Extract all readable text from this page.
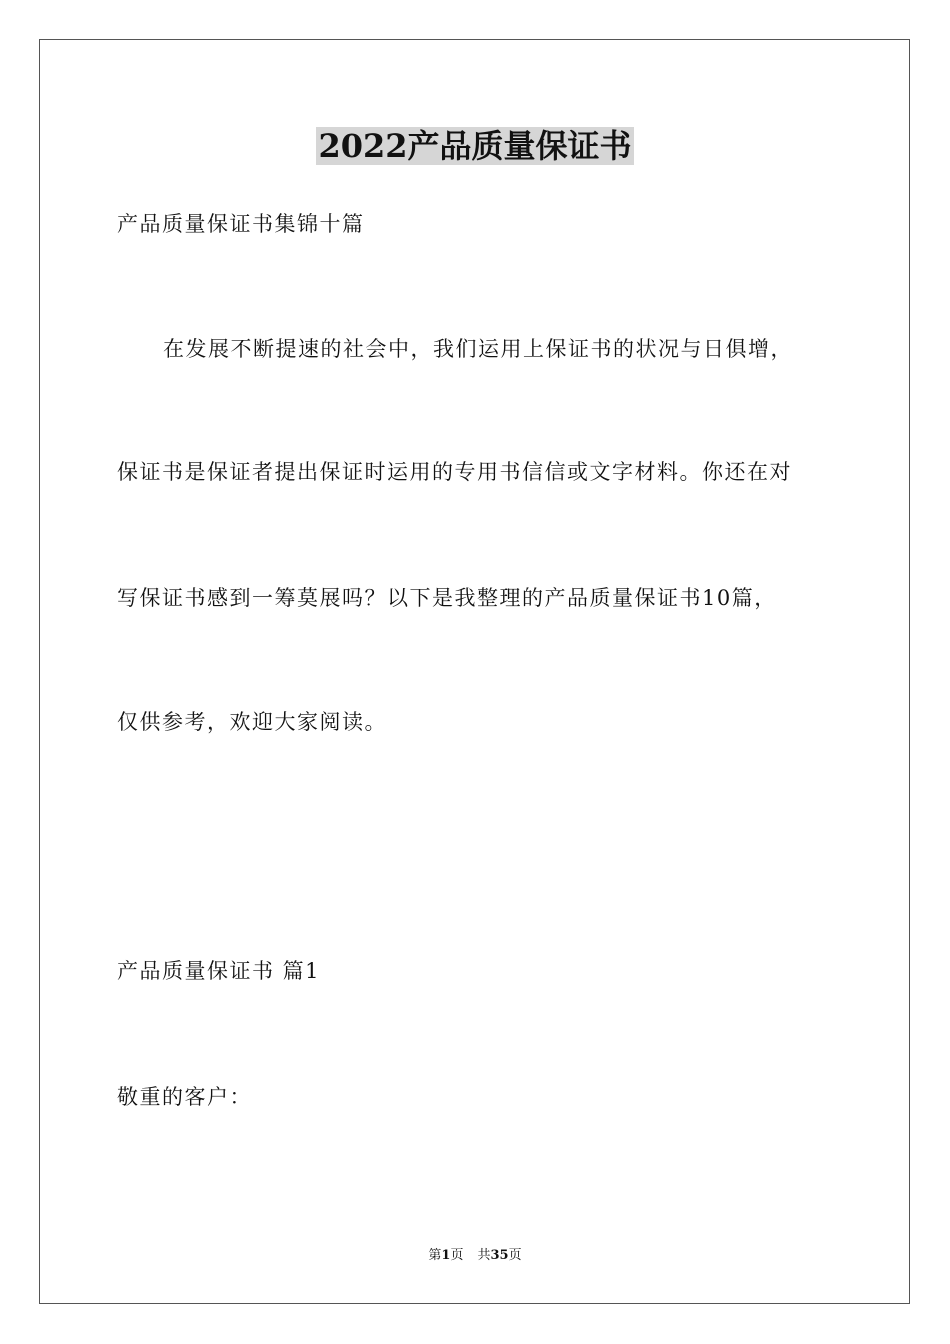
2022产品质量保证书
产品质量保证书集锦十篇
在发展不断提速的社会中，我们运用上保证书的状况与日俱增，
保证书是保证者提出保证时运用的专用书信信或文字材料。你还在对
写保证书感到一筹莫展吗？以下是我整理的产品质量保证书10篇，
仅供参考，欢迎大家阅读。
产品质量保证书 篇1
敬重的客户：
第1页 共35页
